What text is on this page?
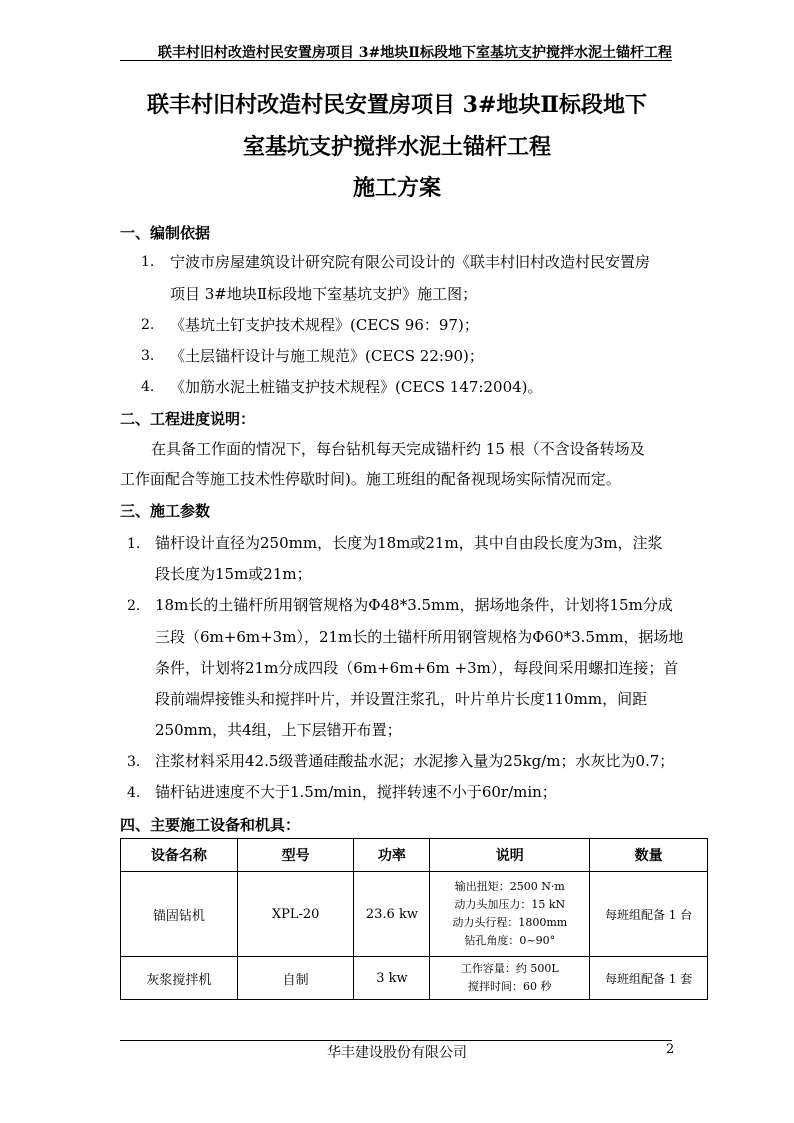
联丰村旧村改造村民安置房项目 3#地块Ⅱ标段地下室基坑支护搅拌水泥土锚杆工程
联丰村旧村改造村民安置房项目 3#地块Ⅱ标段地下
室基坑支护搅拌水泥土锚杆工程
施工方案
一、编制依据
1. 宁波市房屋建筑设计研究院有限公司设计的《联丰村旧村改造村民安置房
项目 3#地块Ⅱ标段地下室基坑支护》施工图；
2. 《基坑土钉支护技术规程》(CECS 96：97)；
3. 《土层锚杆设计与施工规范》(CECS 22:90)；
4. 《加筋水泥土桩锚支护技术规程》(CECS 147:2004)。
二、工程进度说明：
在具备工作面的情况下，每台钻机每天完成锚杆约 15 根（不含设备转场及
工作面配合等施工技术性停歇时间)。施工班组的配备视现场实际情况而定。
三、施工参数
1. 锚杆设计直径为250mm，长度为18m或21m，其中自由段长度为3m，注浆
段长度为15m或21m；
2. 18m长的土锚杆所用钢管规格为Φ48*3.5mm，据场地条件，计划将15m分成
三段（6m+6m+3m），21m长的土锚杆所用钢管规格为Φ60*3.5mm，据场地
条件，计划将21m分成四段（6m+6m+6m +3m），每段间采用螺扣连接；首
段前端焊接锥头和搅拌叶片，并设置注浆孔，叶片单片长度110mm，间距
250mm，共4组，上下层错开布置；
3. 注浆材料采用42.5级普通硅酸盐水泥；水泥掺入量为25kg/m；水灰比为0.7；
4. 锚杆钻进速度不大于1.5m/min，搅拌转速不小于60r/min；
四、主要施工设备和机具：
设备名称	型号	功率	说明	数量
锚固钻机	XPL-20	23.6 kw	输出扭矩：2500 N·m
动力头加压力：15 kN
动力头行程：1800mm
钻孔角度：0~90°	每班组配备 1 台
灰浆搅拌机	自制	3 kw	工作容量：约 500L
搅拌时间：60 秒	每班组配备 1 套
华丰建设股份有限公司	2
